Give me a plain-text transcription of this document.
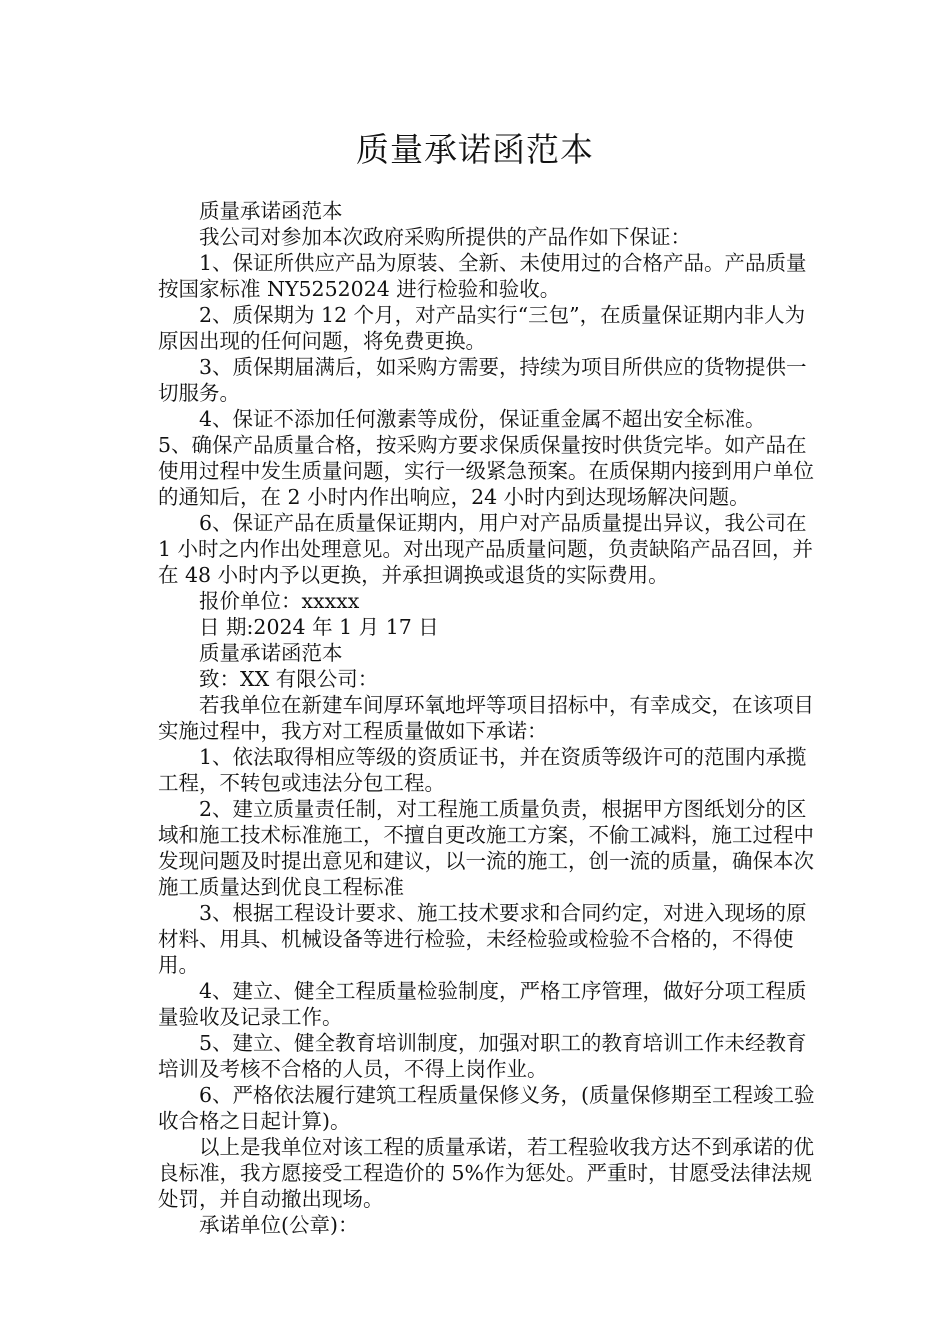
质量承诺函范本

质量承诺函范本

我公司对参加本次政府采购所提供的产品作如下保证：

1、保证所供应产品为原装、全新、未使用过的合格产品。产品质量按国家标准 NY5252024 进行检验和验收。

2、质保期为 12 个月，对产品实行“三包”，在质量保证期内非人为原因出现的任何问题，将免费更换。

3、质保期届满后，如采购方需要，持续为项目所供应的货物提供一切服务。

4、保证不添加任何激素等成份，保证重金属不超出安全标准。

5、确保产品质量合格，按采购方要求保质保量按时供货完毕。如产品在使用过程中发生质量问题，实行一级紧急预案。在质保期内接到用户单位的通知后，在 2 小时内作出响应，24 小时内到达现场解决问题。

6、保证产品在质量保证期内，用户对产品质量提出异议，我公司在 1 小时之内作出处理意见。对出现产品质量问题，负责缺陷产品召回，并在 48 小时内予以更换，并承担调换或退货的实际费用。

报价单位：xxxxx

日 期:2024 年 1 月 17 日

质量承诺函范本

致：XX 有限公司：

若我单位在新建车间厚环氧地坪等项目招标中，有幸成交，在该项目实施过程中，我方对工程质量做如下承诺：

1、依法取得相应等级的资质证书，并在资质等级许可的范围内承揽工程，不转包或违法分包工程。

2、建立质量责任制，对工程施工质量负责，根据甲方图纸划分的区域和施工技术标准施工，不擅自更改施工方案，不偷工减料，施工过程中发现问题及时提出意见和建议，以一流的施工，创一流的质量，确保本次施工质量达到优良工程标准

3、根据工程设计要求、施工技术要求和合同约定，对进入现场的原材料、用具、机械设备等进行检验，未经检验或检验不合格的，不得使用。

4、建立、健全工程质量检验制度，严格工序管理，做好分项工程质量验收及记录工作。

5、建立、健全教育培训制度，加强对职工的教育培训工作未经教育培训及考核不合格的人员，不得上岗作业。

6、严格依法履行建筑工程质量保修义务，(质量保修期至工程竣工验收合格之日起计算)。

以上是我单位对该工程的质量承诺，若工程验收我方达不到承诺的优良标准，我方愿接受工程造价的 5%作为惩处。严重时，甘愿受法律法规处罚，并自动撤出现场。

承诺单位(公章)：
